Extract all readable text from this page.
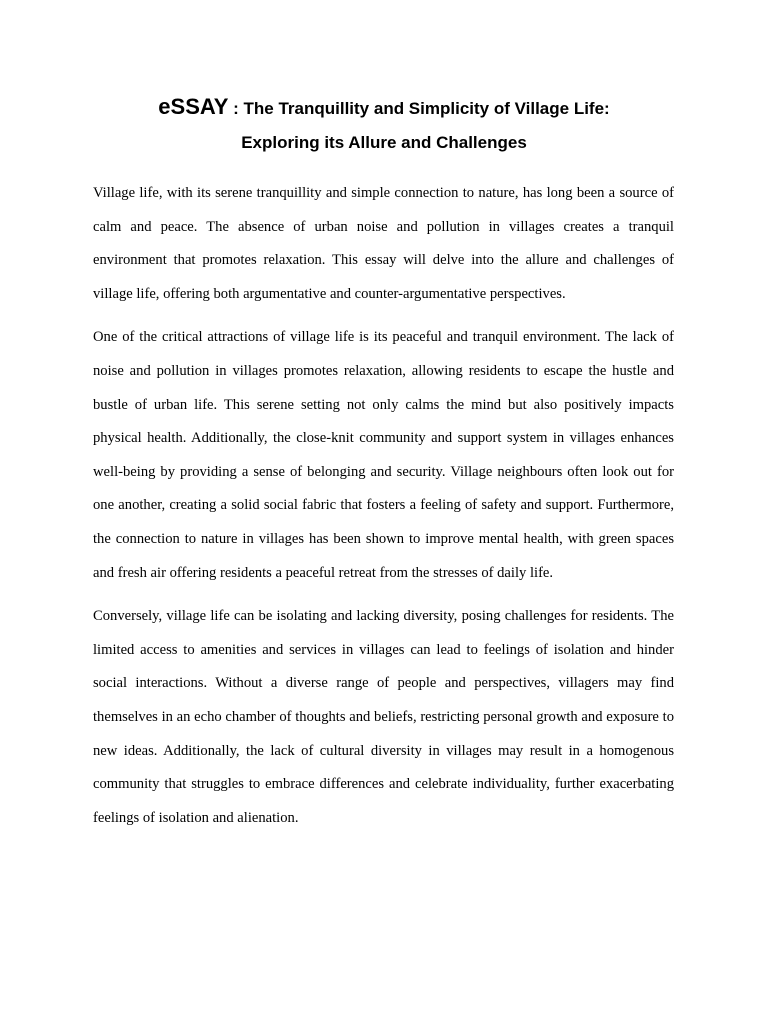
eSSAY : The Tranquillity and Simplicity of Village Life:

Exploring its Allure and Challenges

Village life, with its serene tranquillity and simple connection to nature, has long been a source of calm and peace. The absence of urban noise and pollution in villages creates a tranquil environment that promotes relaxation. This essay will delve into the allure and challenges of village life, offering both argumentative and counter-argumentative perspectives.

One of the critical attractions of village life is its peaceful and tranquil environment. The lack of noise and pollution in villages promotes relaxation, allowing residents to escape the hustle and bustle of urban life. This serene setting not only calms the mind but also positively impacts physical health. Additionally, the close-knit community and support system in villages enhances well-being by providing a sense of belonging and security. Village neighbours often look out for one another, creating a solid social fabric that fosters a feeling of safety and support. Furthermore, the connection to nature in villages has been shown to improve mental health, with green spaces and fresh air offering residents a peaceful retreat from the stresses of daily life.

Conversely, village life can be isolating and lacking diversity, posing challenges for residents. The limited access to amenities and services in villages can lead to feelings of isolation and hinder social interactions. Without a diverse range of people and perspectives, villagers may find themselves in an echo chamber of thoughts and beliefs, restricting personal growth and exposure to new ideas. Additionally, the lack of cultural diversity in villages may result in a homogenous community that struggles to embrace differences and celebrate individuality, further exacerbating feelings of isolation and alienation.
